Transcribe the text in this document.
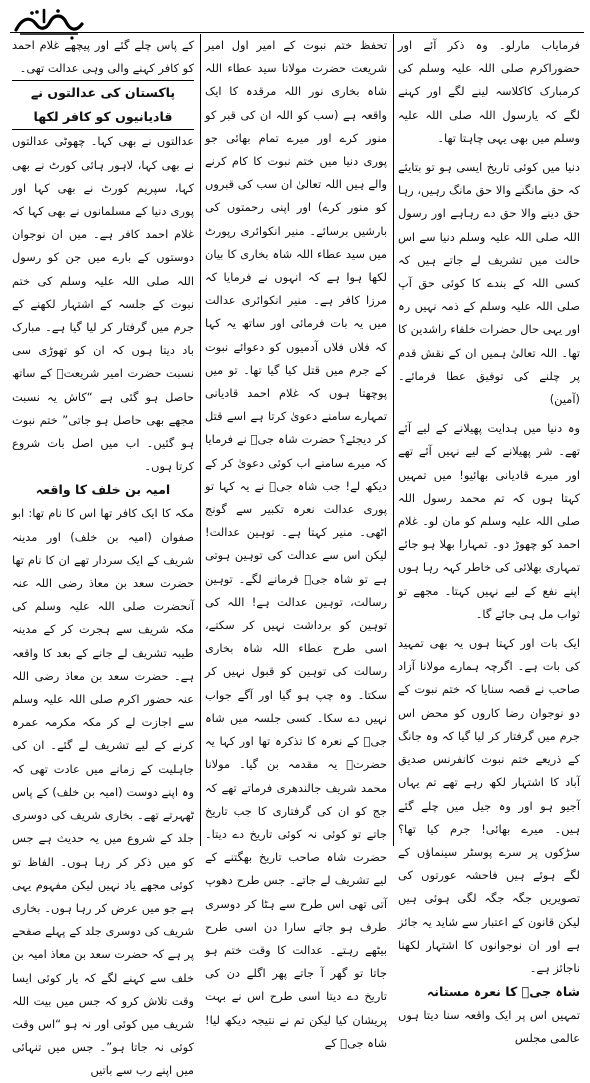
فرمایاب مارلو۔ وہ ذکر آئے اور حضوراکرم صلی اللہ علیہ وسلم کی کرمبارک کاکلاسہ لینے لگے اور کہنے لگے کہ یارسول اللہ صلی اللہ علیہ وسلم میں بھی یہی چاہتا تھا۔

دنیا میں کوئی تاریخ ایسی ہو تو بتایئے کہ حق مانگنے والا حق مانگ رہیں، رہا حق دینے والا حق دے رہاہے اور رسول اللہ صلی اللہ علیہ وسلم دنیا سے اس حالت میں تشریف لے جاتے ہیں کہ کسی اللہ کے بندے کا کوئی حق آپ صلی اللہ علیہ وسلم کے ذمہ نہیں رہ اور یہی حال حضرات خلفاء راشدین کا تھا۔ اللہ تعالیٰ ہمیں ان کے نقش قدم پر چلنے کی توفیق عطا فرمائے۔ (آمین)

وہ دنیا میں ہدایت پھیلانے کے لیے آئے تھے۔ شر پھیلانے کے لیے نہیں آئے تھے اور میرے قادیانی بھائیو! میں تمہیں کہتا ہوں کہ تم محمد رسول اللہ صلی اللہ علیہ وسلم کو مان لو۔ غلام احمد کو چھوڑ دو۔ تمہارا بھلا ہو جائے تمہاری بھلائی کی خاطر کہہ رہا ہوں اپنے نفع کے لیے نہیں کہتا۔ مجھے تو ثواب مل ہی جائے گا۔

ایک بات اور کہتا ہوں یہ بھی تمہید کی بات ہے۔ اگرچہ ہمارے مولانا آزاد صاحب نے قصہ سنایا کہ ختم نبوت کے دو نوجوان رضا کاروں کو محض اس جرم میں گرفتار کر لیا گیا کہ وہ جانگ کے ذریعے ختم نبوت کانفرنس صدیق آباد کا اشتہار لکھ رہے تھے تم یہاں آجیو ہو اور وہ جیل میں چلے گئے ہیں۔ میرے بھائی! جرم کیا تھا؟ سڑکوں پر سرے پوسٹر سینماؤں کے لگے ہوئے ہیں فاحشہ عورتوں کی تصویریں جگہ جگہ لگی ہوئی ہیں لیکن قانون کے اعتبار سے شاید یہ جائز ہے اور ان نوجوانوں کا اشتہار لکھنا ناجائز ہے۔

شاہ جیؒ کا نعرہ مستانہ

تمہیں اس پر ایک واقعہ سنا دیتا ہوں عالمی مجلس

تحفظ ختم نبوت کے امیر اول امیر شریعت حضرت مولانا سید عطاء اللہ شاہ بخاری نور اللہ مرقدہ کا ایک واقعہ ہے (سب کو اللہ ان کی قبر کو منور کرے اور میرے تمام بھائی جو پوری دنیا میں ختم نبوت کا کام کرنے والے ہیں اللہ تعالیٰ ان سب کی قبروں کو منور کرے) اور اپنی رحمتوں کی بارشیں برسائے۔ منیر انکوائری رپورٹ میں سید عطاء اللہ شاہ بخاری کا بیان لکھا ہوا ہے کہ انہوں نے فرمایا کہ مرزا کافر ہے۔ منیر انکوائری عدالت میں یہ بات فرمائی اور ساتھ یہ کہا کہ فلاں فلاں آدمیوں کو دعوائے نبوت کے جرم میں قتل کیا گیا تھا۔ تو میں پوچھتا ہوں کہ غلام احمد قادیانی تمہارے سامنے دعویٰ کرتا ہے اسے قتل کر دیجئے؟ حضرت شاہ جیؒ نے فرمایا کہ میرے سامنے اب کوئی دعویٰ کر کے دیکھ لے! جب شاہ جیؒ نے یہ کہا تو پوری عدالت نعرہ تکبیر سے گونج اٹھی۔ منیر کہتا ہے۔ توہین عدالت! لیکن اس سے عدالت کی توہین ہوتی ہے تو شاہ جیؒ فرمانے لگے۔ توہین رسالت، توہین عدالت ہے! اللہ کی توہین کو برداشت نہیں کر سکتے، اسی طرح عطاء اللہ شاہ بخاری رسالت کی توہین کو قبول نہیں کر سکتا۔ وہ چپ ہو گیا اور آگے جواب نہیں دے سکا۔ کسی جلسہ میں شاہ جیؒ کے نعرہ کا تذکرہ تھا اور کہا یہ حضرتؒ یہ مقدمہ بن گیا۔ مولانا محمد شریف جالندھری فرماتے تھے کہ جج کو ان کی گرفتاری کا جب تاریخ جاتے تو کوئی نہ کوئی تاریخ دے دیتا۔ حضرت شاہ صاحب تاریخ بھگتنے کے لیے تشریف لے جاتے۔ جس طرح دھوپ آتی تھی اس طرح سے ہٹا کر دوسری طرف ہو جاتے سارا دن اسی طرح بیٹھے رہتے۔ عدالت کا وقت ختم ہو جاتا تو گھر آ جاتے پھر اگلے دن کی تاریخ دے دیتا اسی طرح اس نے بہت پریشان کیا لیکن تم نے نتیجہ دیکھ لیا! شاہ جیؒ کے

کے پاس چلے گئے اور پیچھے غلام احمد کو کافر کہنے والی وہی عدالت تھی۔

پاکستان کی عدالتوں نے قادیانیوں کو کافر لکھا

عدالتوں نے بھی کہا۔ چھوٹی عدالتوں نے بھی کہا، لاہور ہائی کورٹ نے بھی کہا، سپریم کورٹ نے بھی کہا اور پوری دنیا کے مسلمانوں نے بھی کہا کہ غلام احمد کافر ہے۔ میں ان نوجوان دوستوں کے بارے میں جن کو رسول اللہ صلی اللہ علیہ وسلم کی ختم نبوت کے جلسہ کے اشتہار لکھنے کے جرم میں گرفتار کر لیا گیا ہے۔ مبارک باد دیتا ہوں کہ ان کو تھوڑی سی نسبت حضرت امیر شریعتؒ کے ساتھ حاصل ہو گئی ہے “کاش یہ نسبت مجھے بھی حاصل ہو جاتی” ختم نبوت ہو گئیں۔ اب میں اصل بات شروع کرتا ہوں۔

امیہ بن خلف کا واقعہ

مکہ کا ایک کافر تھا اس کا نام تھا: ابو صفوان (امیہ بن خلف) اور مدینہ شریف کے ایک سردار تھے ان کا نام تھا حضرت سعد بن معاذ رضی اللہ عنہ آنحضرت صلی اللہ علیہ وسلم کی مکہ شریف سے ہجرت کر کے مدینہ طیبہ تشریف لے جانے کے بعد کا واقعہ ہے۔ حضرت سعد بن معاذ رضی اللہ عنہ حضور اکرم صلی اللہ علیہ وسلم سے اجازت لے کر مکہ مکرمہ عمرہ کرنے کے لیے تشریف لے گئے۔ ان کی جاہلیت کے زمانے میں عادت تھی کہ وہ اپنے دوست (امیہ بن خلف) کے پاس ٹھہرتے تھے۔ بخاری شریف کی دوسری جلد کے شروع میں یہ حدیث ہے جس کو میں ذکر کر رہا ہوں۔ الفاظ تو کوئی مجھے یاد نہیں لیکن مفہوم یہی ہے جو میں عرض کر رہا ہوں۔ بخاری شریف کی دوسری جلد کے پہلے صفحے پر ہے کہ حضرت سعد بن معاذ امیہ بن خلف سے کہنے لگے کہ یار کوئی ایسا وقت تلاش کرو کہ جس میں بیت اللہ شریف میں کوئی اور نہ ہو “اس وقت کوئی نہ جاتا ہو”۔ جس میں تنہائی میں اپنے رب سے باتیں
